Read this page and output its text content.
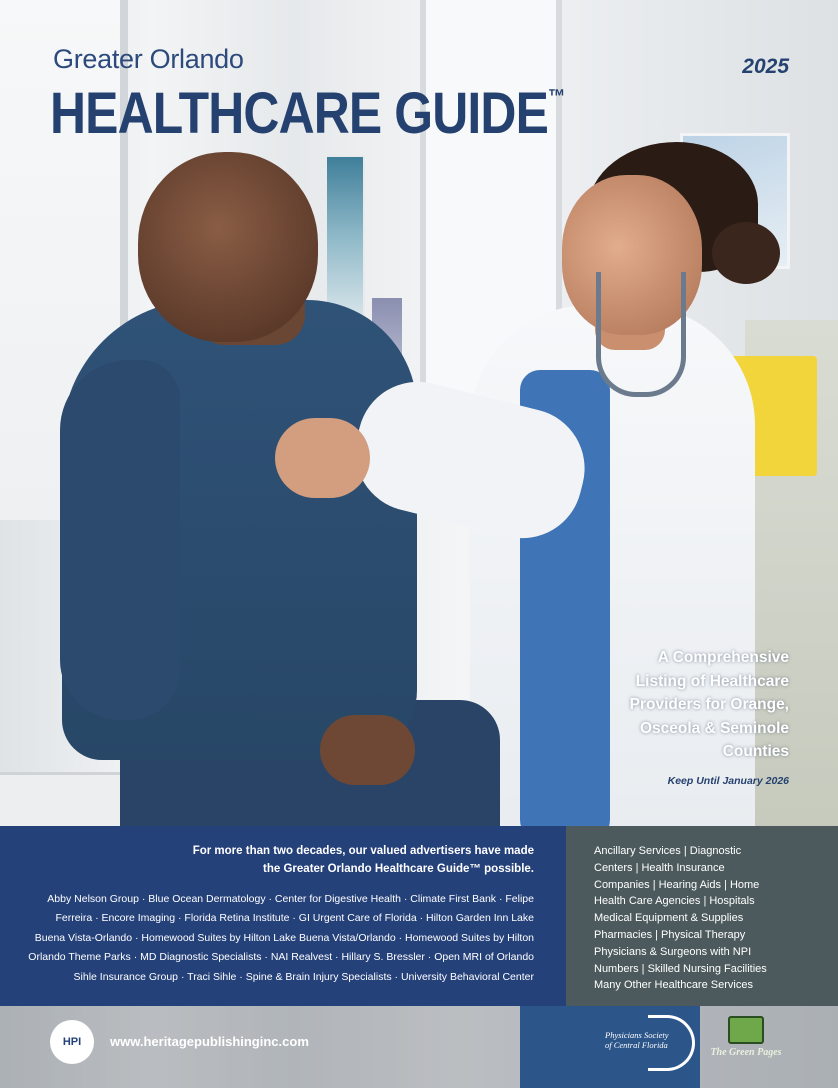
Greater Orlando
HEALTHCARE GUIDE™
2025
A Comprehensive
Listing of Healthcare
Providers for Orange,
Osceola & Seminole
Counties
Keep Until January 2026
For more than two decades, our valued advertisers have made
the Greater Orlando Healthcare Guide™ possible.
Abby Nelson Group · Blue Ocean Dermatology · Center for Digestive Health · Climate First Bank · Felipe
Ferreira · Encore Imaging · Florida Retina Institute · GI Urgent Care of Florida · Hilton Garden Inn Lake
Buena Vista-Orlando · Homewood Suites by Hilton Lake Buena Vista/Orlando · Homewood Suites by Hilton
Orlando Theme Parks · MD Diagnostic Specialists · NAI Realvest · Hillary S. Bressler · Open MRI of Orlando
Sihle Insurance Group · Traci Sihle · Spine & Brain Injury Specialists · University Behavioral Center
Ancillary Services | Diagnostic
Centers | Health Insurance
Companies | Hearing Aids | Home
Health Care Agencies | Hospitals
Medical Equipment & Supplies
Pharmacies | Physical Therapy
Physicians & Surgeons with NPI
Numbers | Skilled Nursing Facilities
Many Other Healthcare Services
HPI	www.heritagepublishinginc.com	Physicians Society
of Central Florida
The Green Pages
